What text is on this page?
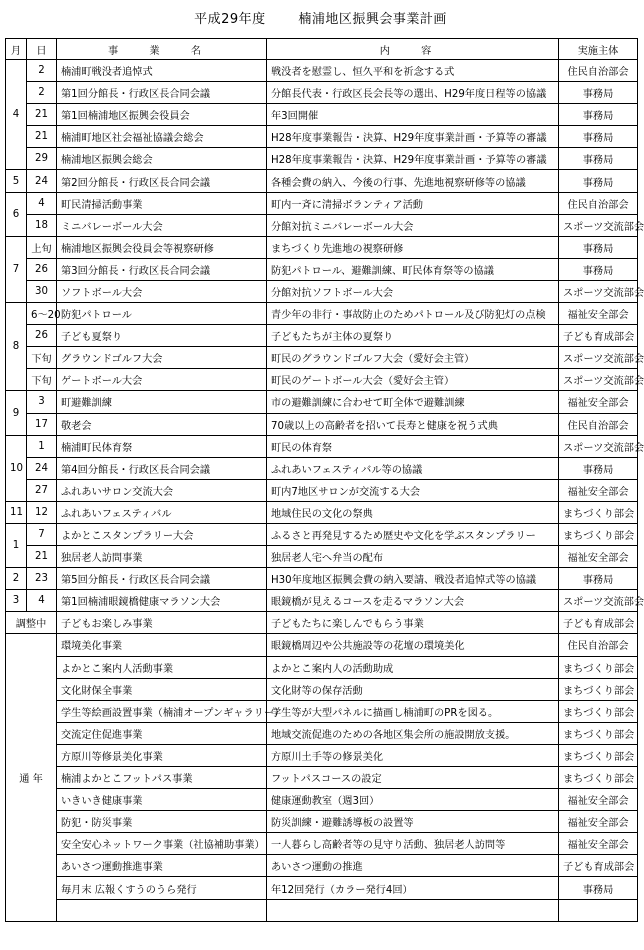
平成29年度	楠浦地区振興会事業計画
月	日	事 業 名	内 容	実施主体
4	2	楠浦町戦没者追悼式	戦没者を慰霊し、恒久平和を祈念する式	住民自治部会
	2	第1回分館長・行政区長合同会議	分館長代表・行政区長会長等の選出、H29年度日程等の協議	事務局
	21	第1回楠浦地区振興会役員会	年3回開催	事務局
	21	楠浦町地区社会福祉協議会総会	H28年度事業報告・決算、H29年度事業計画・予算等の審議	事務局
	29	楠浦地区振興会総会	H28年度事業報告・決算、H29年度事業計画・予算等の審議	事務局
5	24	第2回分館長・行政区長合同会議	各種会費の納入、今後の行事、先進地視察研修等の協議	事務局
6	4	町民清掃活動事業	町内一斉に清掃ボランティア活動	住民自治部会
	18	ミニバレーボール大会	分館対抗ミニバレーボール大会	スポーツ交流部会
7	上旬	楠浦地区振興会役員会等視察研修	まちづくり先進地の視察研修	事務局
	26	第3回分館長・行政区長合同会議	防犯パトロール、避難訓練、町民体育祭等の協議	事務局
	30	ソフトボール大会	分館対抗ソフトボール大会	スポーツ交流部会
8	6～20	防犯パトロール	青少年の非行・事故防止のためパトロール及び防犯灯の点検	福祉安全部会
	26	子ども夏祭り	子どもたちが主体の夏祭り	子ども育成部会
	下旬	グラウンドゴルフ大会	町民のグラウンドゴルフ大会（愛好会主管）	スポーツ交流部会
	下旬	ゲートボール大会	町民のゲートボール大会（愛好会主管）	スポーツ交流部会
9	3	町避難訓練	市の避難訓練に合わせて町全体で避難訓練	福祉安全部会
	17	敬老会	70歳以上の高齢者を招いて長寿と健康を祝う式典	住民自治部会
10	1	楠浦町民体育祭	町民の体育祭	スポーツ交流部会
	24	第4回分館長・行政区長合同会議	ふれあいフェスティバル等の協議	事務局
	27	ふれあいサロン交流大会	町内7地区サロンが交流する大会	福祉安全部会
11	12	ふれあいフェスティバル	地域住民の文化の祭典	まちづくり部会
1	7	よかとこスタンプラリー大会	ふるさと再発見するため歴史や文化を学ぶスタンプラリー	まちづくり部会
	21	独居老人訪問事業	独居老人宅へ弁当の配布	福祉安全部会
2	23	第5回分館長・行政区長合同会議	H30年度地区振興会費の納入要請、戦没者追悼式等の協議	事務局
3	4	第1回楠浦眼鏡橋健康マラソン大会	眼鏡橋が見えるコースを走るマラソン大会	スポーツ交流部会
調整中		子どもお楽しみ事業	子どもたちに楽しんでもらう事業	子ども育成部会
通 年		環境美化事業	眼鏡橋周辺や公共施設等の花壇の環境美化	住民自治部会
		よかとこ案内人活動事業	よかとこ案内人の活動助成	まちづくり部会
		文化財保全事業	文化財等の保存活動	まちづくり部会
		学生等絵画設置事業（楠浦オープンギャラリー）	学生等が大型パネルに描画し楠浦町のPRを図る。	まちづくり部会
		交流定住促進事業	地域交流促進のための各地区集会所の施設開放支援。	まちづくり部会
		方原川等修景美化事業	方原川土手等の修景美化	まちづくり部会
		楠浦よかとこフットパス事業	フットパスコースの設定	まちづくり部会
		いきいき健康事業	健康運動教室（週3回）	福祉安全部会
		防犯・防災事業	防災訓練・避難誘導板の設置等	福祉安全部会
		安全安心ネットワーク事業（社協補助事業）	一人暮らし高齢者等の見守り活動、独居老人訪問等	福祉安全部会
		あいさつ運動推進事業	あいさつ運動の推進	子ども育成部会
		毎月末 広報くすうのうら発行	年12回発行（カラー発行4回）	事務局
